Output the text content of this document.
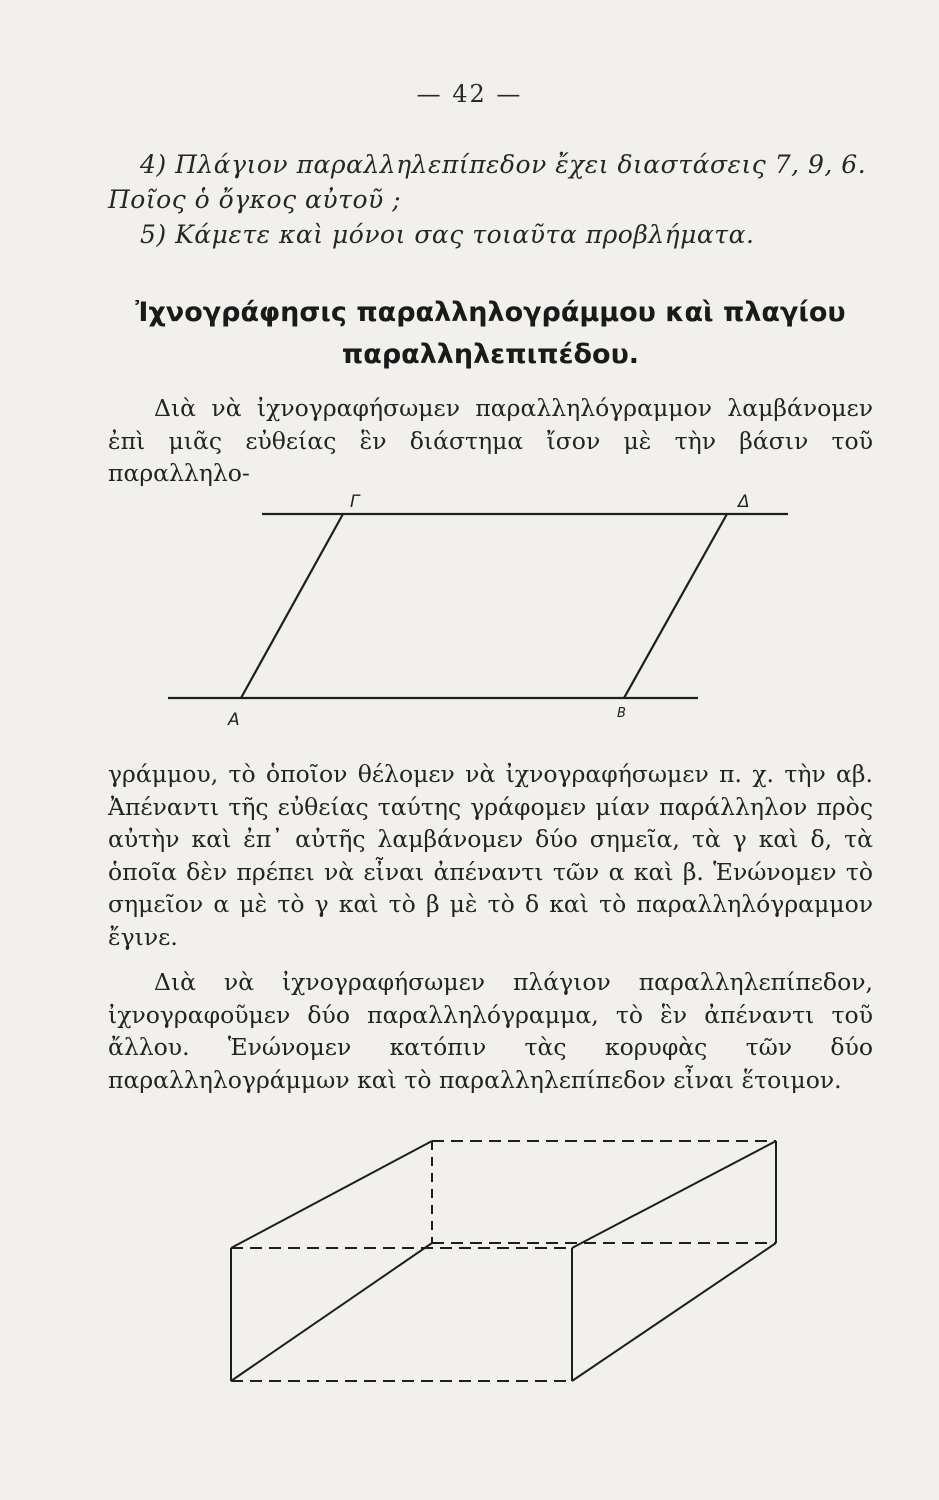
— 42 —
4) Πλάγιον παραλληλεπίπεδον ἔχει διαστάσεις 7, 9, 6.
Ποῖος ὁ ὄγκος αὐτοῦ ;
5) Κάμετε καὶ μόνοι σας τοιαῦτα προβλήματα.
Ἰχνογράφησις παραλληλογράμμου καὶ πλαγίου
παραλληλεπιπέδου.
Διὰ νὰ ἰχνογραφήσωμεν παραλληλόγραμμον λαμβάνομεν ἐπὶ μιᾶς εὐθείας ἓν διάστημα ἴσον μὲ τὴν βάσιν τοῦ παραλληλο-
Γ	Δ
Α	Β
γράμμου, τὸ ὁποῖον θέλομεν νὰ ἰχνογραφήσωμεν π. χ. τὴν αβ. Ἀπέναντι τῆς εὐθείας ταύτης γράφομεν μίαν παράλληλον πρὸς αὐτὴν καὶ ἐπ᾽ αὐτῆς λαμβάνομεν δύο σημεῖα, τὰ γ καὶ δ, τὰ ὁποῖα δὲν πρέπει νὰ εἶναι ἀπέναντι τῶν α καὶ β. Ἑνώνομεν τὸ σημεῖον α μὲ τὸ γ καὶ τὸ β μὲ τὸ δ καὶ τὸ παραλληλόγραμμον ἔγινε.
Διὰ νὰ ἰχνογραφήσωμεν πλάγιον παραλληλεπίπεδον, ἰχνογραφοῦμεν δύο παραλληλόγραμμα, τὸ ἓν ἀπέναντι τοῦ ἄλλου. Ἑνώνομεν κατόπιν τὰς κορυφὰς τῶν δύο παραλληλογράμμων καὶ τὸ παραλληλεπίπεδον εἶναι ἕτοιμον.
